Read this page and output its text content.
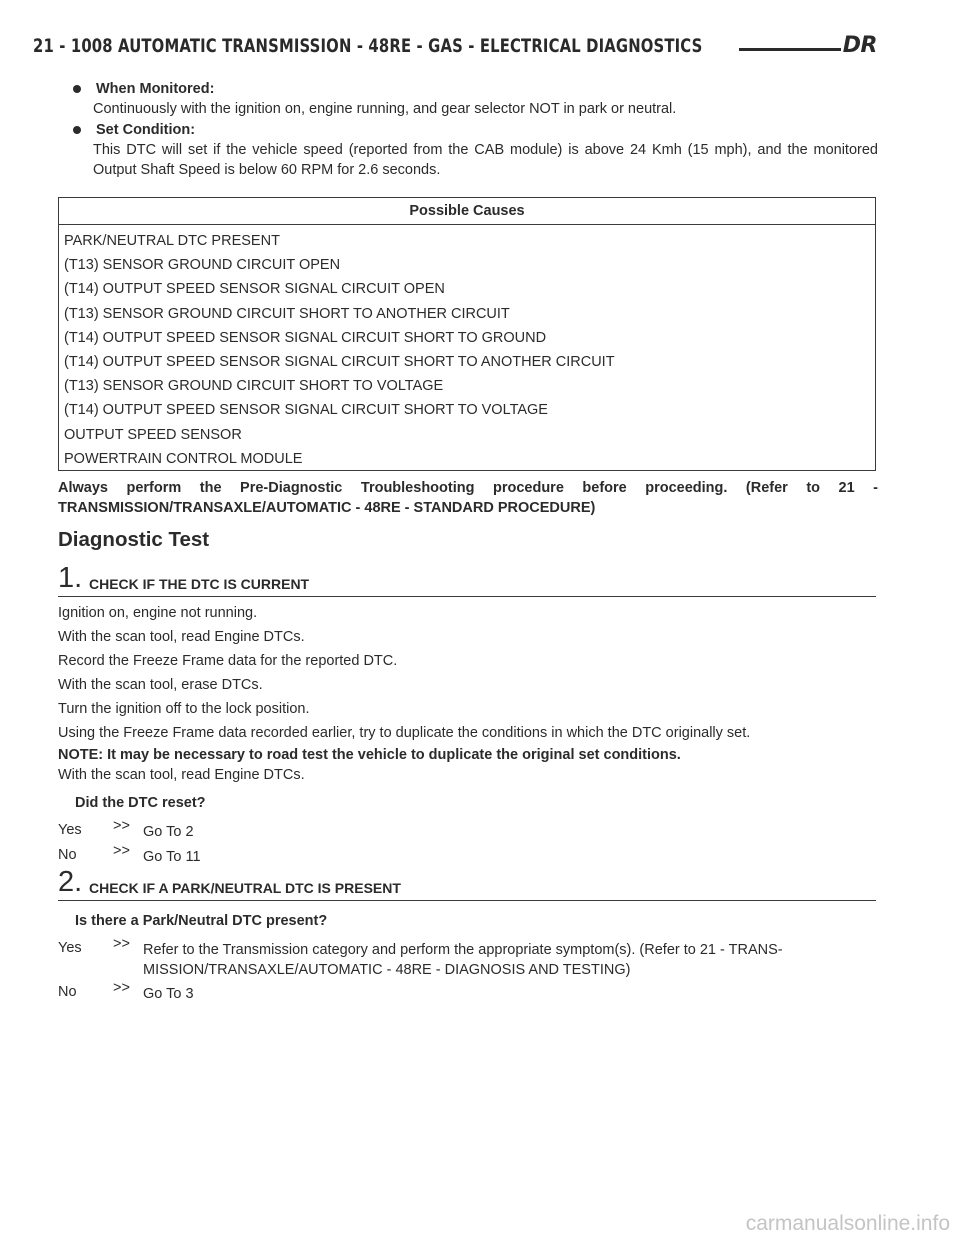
21 - 1008 AUTOMATIC TRANSMISSION - 48RE - GAS - ELECTRICAL DIAGNOSTICS	DR
When Monitored:
Continuously with the ignition on, engine running, and gear selector NOT in park or neutral.
Set Condition:
This DTC will set if the vehicle speed (reported from the CAB module) is above 24 Kmh (15 mph), and the monitored Output Shaft Speed is below 60 RPM for 2.6 seconds.
Possible Causes
PARK/NEUTRAL DTC PRESENT
(T13) SENSOR GROUND CIRCUIT OPEN
(T14) OUTPUT SPEED SENSOR SIGNAL CIRCUIT OPEN
(T13) SENSOR GROUND CIRCUIT SHORT TO ANOTHER CIRCUIT
(T14) OUTPUT SPEED SENSOR SIGNAL CIRCUIT SHORT TO GROUND
(T14) OUTPUT SPEED SENSOR SIGNAL CIRCUIT SHORT TO ANOTHER CIRCUIT
(T13) SENSOR GROUND CIRCUIT SHORT TO VOLTAGE
(T14) OUTPUT SPEED SENSOR SIGNAL CIRCUIT SHORT TO VOLTAGE
OUTPUT SPEED SENSOR
POWERTRAIN CONTROL MODULE
Always perform the Pre-Diagnostic Troubleshooting procedure before proceeding. (Refer to 21 - TRANSMISSION/TRANSAXLE/AUTOMATIC - 48RE - STANDARD PROCEDURE)
Diagnostic Test
1. CHECK IF THE DTC IS CURRENT
Ignition on, engine not running.
With the scan tool, read Engine DTCs.
Record the Freeze Frame data for the reported DTC.
With the scan tool, erase DTCs.
Turn the ignition off to the lock position.
Using the Freeze Frame data recorded earlier, try to duplicate the conditions in which the DTC originally set.
NOTE: It may be necessary to road test the vehicle to duplicate the original set conditions.
With the scan tool, read Engine DTCs.
Did the DTC reset?
Yes >> Go To 2
No	>> Go To 11
2. CHECK IF A PARK/NEUTRAL DTC IS PRESENT
Is there a Park/Neutral DTC present?
Yes >> Refer to the Transmission category and perform the appropriate symptom(s). (Refer to 21 - TRANS-
MISSION/TRANSAXLE/AUTOMATIC - 48RE - DIAGNOSIS AND TESTING)
No	>> Go To 3
carmanualsonline.info
